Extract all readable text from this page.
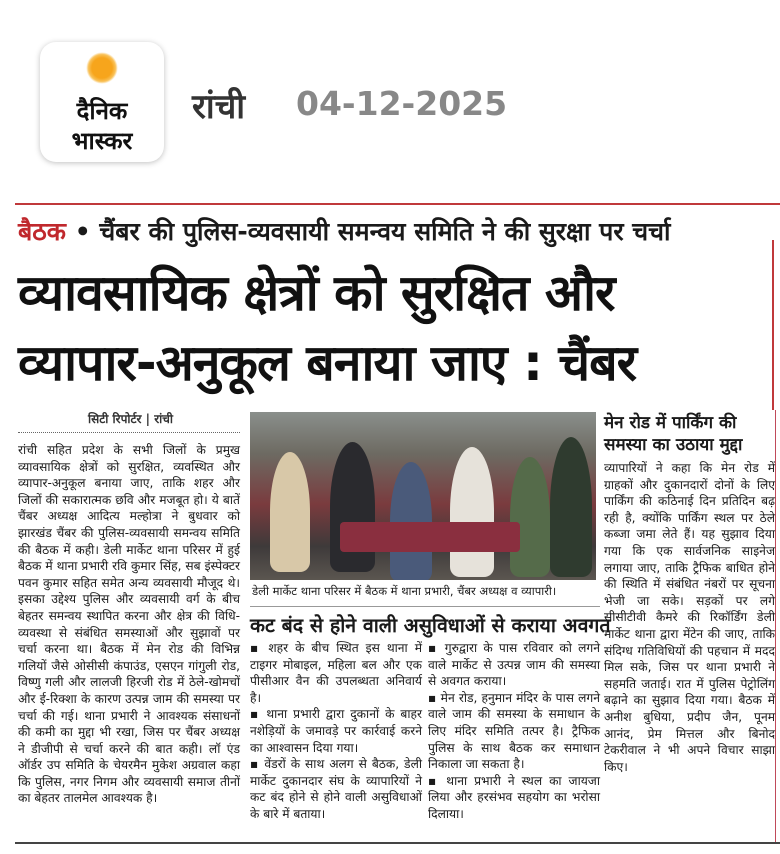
दैनिक
भास्कर
रांची 04-12-2025
बैठक • चैंबर की पुलिस-व्यवसायी समन्वय समिति ने की सुरक्षा पर चर्चा
व्यावसायिक क्षेत्रों को सुरक्षित और
व्यापार-अनुकूल बनाया जाए : चैंबर
सिटी रिपोर्टर | रांची
रांची सहित प्रदेश के सभी जिलों के प्रमुख व्यावसायिक क्षेत्रों को सुरक्षित, व्यवस्थित और व्यापार-अनुकूल बनाया जाए, ताकि शहर और जिलों की सकारात्मक छवि और मजबूत हो। ये बातें चैंबर अध्यक्ष आदित्य मल्होत्रा ने बुधवार को झारखंड चैंबर की पुलिस-व्यवसायी समन्वय समिति की बैठक में कही। डेली मार्केट थाना परिसर में हुई बैठक में थाना प्रभारी रवि कुमार सिंह, सब इंस्पेक्टर पवन कुमार सहित समेत अन्य व्यवसायी मौजूद थे। इसका उद्देश्य पुलिस और व्यवसायी वर्ग के बीच बेहतर समन्वय स्थापित करना और क्षेत्र की विधि-व्यवस्था से संबंधित समस्याओं और सुझावों पर चर्चा करना था। बैठक में मेन रोड की विभिन्न गलियों जैसे ओसीसी कंपाउंड, एसएन गांगुली रोड, विष्णु गली और लालजी हिरजी रोड में ठेले-खोमचों और ई-रिक्शा के कारण उत्पन्न जाम की समस्या पर चर्चा की गई। थाना प्रभारी ने आवश्यक संसाधनों की कमी का मुद्दा भी रखा, जिस पर चैंबर अध्यक्ष ने डीजीपी से चर्चा करने की बात कही। लॉ एंड ऑर्डर उप समिति के चेयरमैन मुकेश अग्रवाल कहा कि पुलिस, नगर निगम और व्यवसायी समाज तीनों का बेहतर तालमेल आवश्यक है।
डेली मार्केट थाना परिसर में बैठक में थाना प्रभारी, चैंबर अध्यक्ष व व्यापारी।
कट बंद से होने वाली असुविधाओं से कराया अवगत

▪ शहर के बीच स्थित इस थाना में टाइगर मोबाइल, महिला बल और एक पीसीआर वैन की उपलब्धता अनिवार्य है।

▪ थाना प्रभारी द्वारा दुकानों के बाहर नशेड़ियों के जमावड़े पर कार्रवाई करने का आश्वासन दिया गया।

▪ वेंडरों के साथ अलग से बैठक, डेली मार्केट दुकानदार संघ के व्यापारियों ने कट बंद होने से होने वाली असुविधाओं के बारे में बताया।

▪ गुरुद्वारा के पास रविवार को लगने वाले मार्केट से उत्पन्न जाम की समस्या से अवगत कराया।

▪ मेन रोड, हनुमान मंदिर के पास लगने वाले जाम की समस्या के समाधान के लिए मंदिर समिति तत्पर है। ट्रैफिक पुलिस के साथ बैठक कर समाधान निकाला जा सकता है।

▪ थाना प्रभारी ने स्थल का जायजा लिया और हरसंभव सहयोग का भरोसा दिलाया।

मेन रोड में पार्किंग की समस्या का उठाया मुद्दा
व्यापारियों ने कहा कि मेन रोड में ग्राहकों और दुकानदारों दोनों के लिए पार्किंग की कठिनाई दिन प्रतिदिन बढ़ रही है, क्योंकि पार्किंग स्थल पर ठेले कब्जा जमा लेते हैं। यह सुझाव दिया गया कि एक सार्वजनिक साइनेज लगाया जाए, ताकि ट्रैफिक बाधित होने की स्थिति में संबंधित नंबरों पर सूचना भेजी जा सके। सड़कों पर लगे सीसीटीवी कैमरे की रिकॉर्डिंग डेली मार्केट थाना द्वारा मेंटेन की जाए, ताकि संदिग्ध गतिविधियों की पहचान में मदद मिल सके, जिस पर थाना प्रभारी ने सहमति जताई। रात में पुलिस पेट्रोलिंग बढ़ाने का सुझाव दिया गया। बैठक में अनीश बुधिया, प्रदीप जैन, पूनम आनंद, प्रेम मित्तल और बिनोद टेकरीवाल ने भी अपने विचार साझा किए।
